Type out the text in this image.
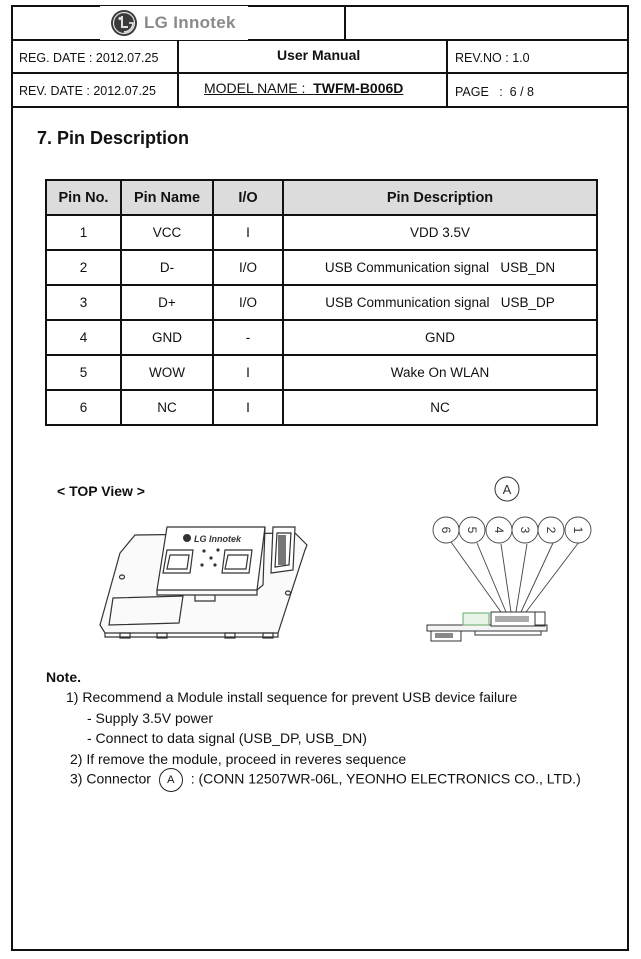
LG Innotek
REG. DATE : 2012.07.25
REV. DATE : 2012.07.25
User Manual
MODEL NAME : TWFM-B006D
REV.NO : 1.0
PAGE   :  6 / 8
7. Pin Description
Pin No.	Pin Name	I/O	Pin Description
1	VCC	I	VDD 3.5V
2	D-	I/O	USB Communication signal   USB_DN
3	D+	I/O	USB Communication signal   USB_DP
4	GND	-	GND
5	WOW	I	Wake On WLAN
6	NC	I	NC
< TOP View >
LG Innotek
A
6 5 4 3 2 1
Note.
1) Recommend a Module install sequence for prevent USB device failure
- Supply 3.5V power
- Connect to data signal (USB_DP, USB_DN)
2) If remove the module, proceed in reveres sequence
3) Connector A : (CONN 12507WR-06L, YEONHO ELECTRONICS CO., LTD.)
